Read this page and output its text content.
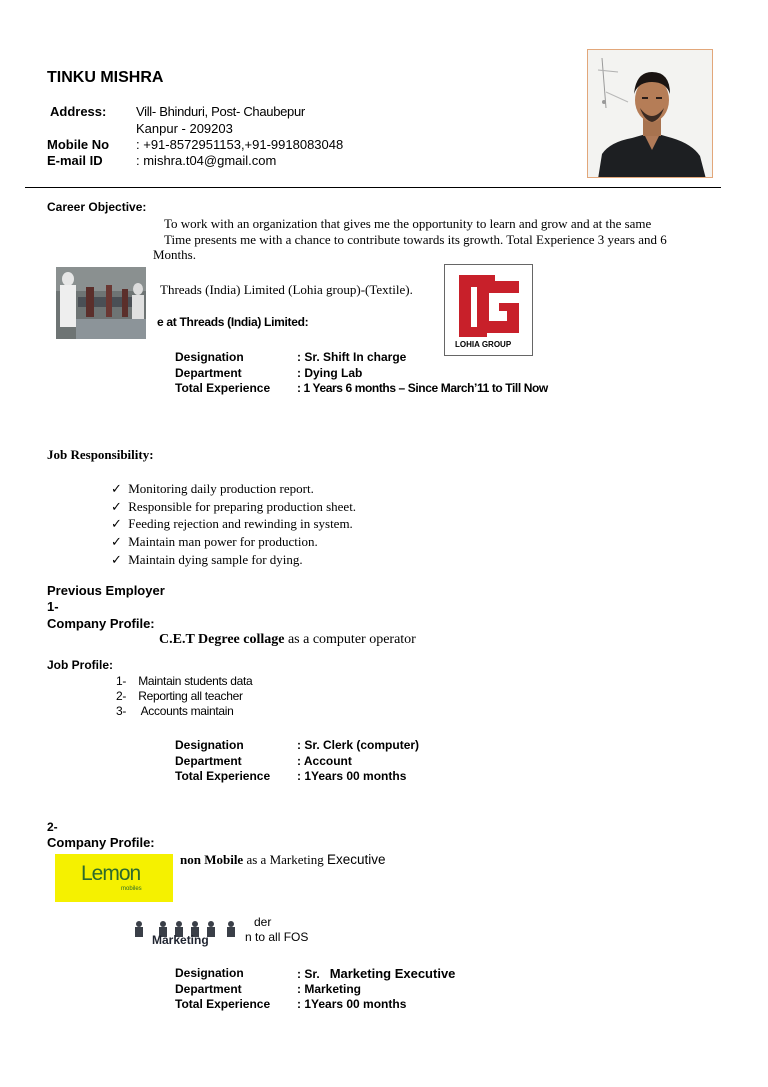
TINKU MISHRA
Address: Vill- Bhinduri, Post- Chaubepur
Kanpur - 209203
Mobile No : +91-8572951153,+91-9918083048
E-mail ID	: mishra.t04@gmail.com
Career Objective:
To work with an organization that gives me the opportunity to learn and grow and at the same
Time presents me with a chance to contribute towards its growth. Total Experience 3 years and 6
Months.
Threads (India) Limited (Lohia group)-(Textile).
e at Threads (India) Limited:
LOHIA GROUP
Designation	: Sr. Shift In charge
Department	: Dying Lab
Total Experience : 1 Years 6 months – Since March’11 to Till Now
Job Responsibility:
✓ Monitoring daily production report.
✓ Responsible for preparing production sheet.
✓ Feeding rejection and rewinding in system.
✓ Maintain man power for production.
✓ Maintain dying sample for dying.
Previous Employer
1-
Company Profile:
C.E.T Degree collage as a computer operator
Job Profile:
1- Maintain students data
2- Reporting all teacher
3- Accounts maintain
Designation	: Sr. Clerk (computer)
Department	: Account
Total Experience : 1Years 00 months
2-
Company Profile:
Lemon
mobiles
non Mobile as a Marketing Executive
Marketing
der
n to all FOS
Designation	: Sr.   Marketing Executive
Department	: Marketing
Total Experience : 1Years 00 months
